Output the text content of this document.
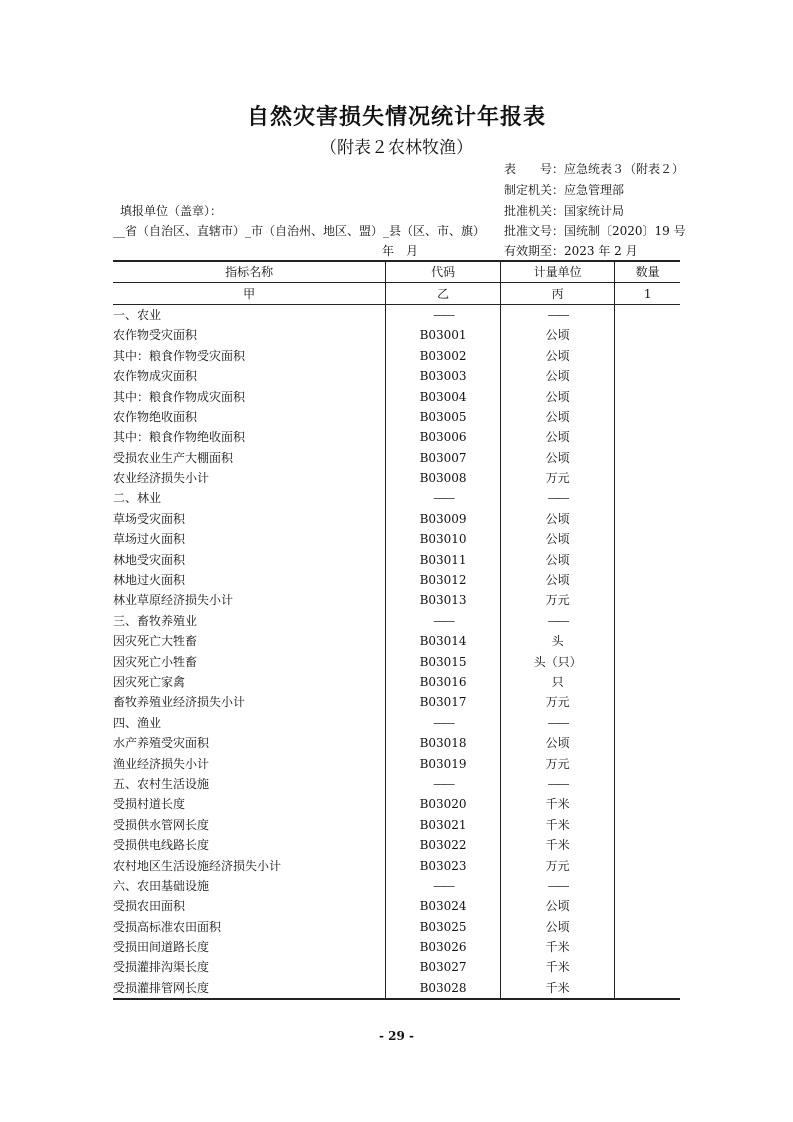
自然灾害损失情况统计年报表
（附表２农林牧渔）
表　　号：应急统表３（附表２）
制定机关：应急管理部
批准机关：国家统计局
批准文号：国统制〔2020〕19 号
有效期至：2023 年 2 月
填报单位（盖章）：
__省（自治区、直辖市）_市（自治州、地区、盟）_县（区、市、旗）
年　月
指标名称	代码	计量单位	数量
甲	乙	丙	1
一、农业	——	——	
农作物受灾面积	B03001	公顷	
其中：粮食作物受灾面积	B03002	公顷	
农作物成灾面积	B03003	公顷	
其中：粮食作物成灾面积	B03004	公顷	
农作物绝收面积	B03005	公顷	
其中：粮食作物绝收面积	B03006	公顷	
受损农业生产大棚面积	B03007	公顷	
农业经济损失小计	B03008	万元	
二、林业	——	——	
草场受灾面积	B03009	公顷	
草场过火面积	B03010	公顷	
林地受灾面积	B03011	公顷	
林地过火面积	B03012	公顷	
林业草原经济损失小计	B03013	万元	
三、畜牧养殖业	——	——	
因灾死亡大牲畜	B03014	头	
因灾死亡小牲畜	B03015	头（只）	
因灾死亡家禽	B03016	只	
畜牧养殖业经济损失小计	B03017	万元	
四、渔业	——	——	
水产养殖受灾面积	B03018	公顷	
渔业经济损失小计	B03019	万元	
五、农村生活设施	——	——	
受损村道长度	B03020	千米	
受损供水管网长度	B03021	千米	
受损供电线路长度	B03022	千米	
农村地区生活设施经济损失小计	B03023	万元	
六、农田基础设施	——	——	
受损农田面积	B03024	公顷	
受损高标准农田面积	B03025	公顷	
受损田间道路长度	B03026	千米	
受损灌排沟渠长度	B03027	千米	
受损灌排管网长度	B03028	千米	
- 29 -
